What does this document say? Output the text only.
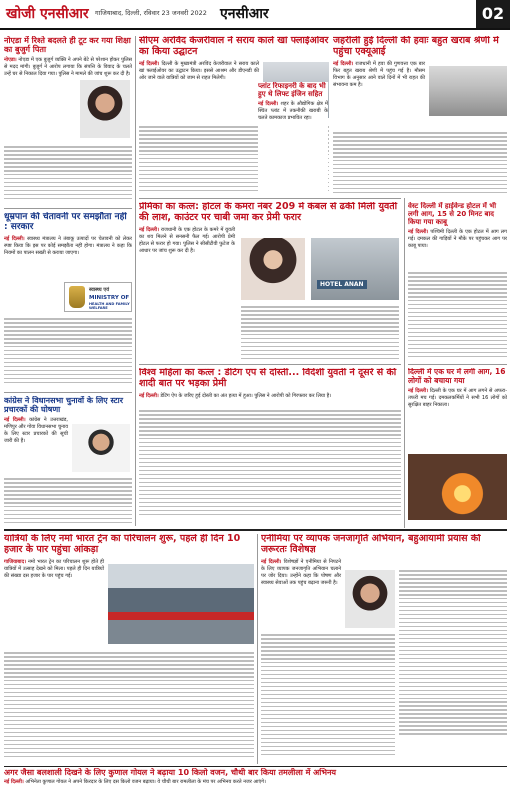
खोजी एनसीआर गाजियाबाद, दिल्ली, रविवार 23 जनवरी 2022 एनसीआर	02
नोएडा में रिश्ते बदलते ही टूट कर गया शिक्षा का बुजुर्ग पिता
नोएडा। नोएडा में एक बुजुर्ग व्यक्ति ने अपने बेटे से परेशान होकर पुलिस से मदद मांगी। बुजुर्ग ने आरोप लगाया कि संपत्ति के विवाद के चलते उन्हें घर से निकाल दिया गया। पुलिस ने मामले की जांच शुरू कर दी है।
धूम्रपान की चेतावनी पर समझौता नहीं : सरकार
नई दिल्ली। स्वास्थ्य मंत्रालय ने तंबाकू उत्पादों पर चेतावनी को लेकर स्पष्ट किया कि इस पर कोई समझौता नहीं होगा। मंत्रालय ने कहा कि नियमों का पालन सख्ती से कराया जाएगा।
स्वास्थ्य एवं
MINISTRY OF
HEALTH AND FAMILY WELFARE
कांग्रेस ने विधानसभा चुनावों के लिए स्टार प्रचारकों की घोषणा
नई दिल्ली। कांग्रेस ने उत्तराखंड, मणिपुर और गोवा विधानसभा चुनाव के लिए स्टार प्रचारकों की सूची जारी की है।
सीएम अरविंद केजरीवाल ने सराय काले खां फ्लाईओवर का किया उद्घाटन
नई दिल्ली। दिल्ली के मुख्यमंत्री अरविंद केजरीवाल ने सराय काले खां फ्लाईओवर का उद्घाटन किया। इससे आश्रम और डीएनडी की ओर जाने वाले यात्रियों को जाम से राहत मिलेगी।
जहरीली हुई दिल्ली की हवाः बहुत खराब श्रेणी में पहुंचा एक्यूआई
नई दिल्ली। राजधानी में हवा की गुणवत्ता एक बार फिर बहुत खराब श्रेणी में पहुंच गई है। मौसम विभाग के अनुसार आने वाले दिनों में भी राहत की संभावना कम है।
प्लांट रिफाइनरी के बाद भी हुए थे लिफ्ट इंजिन सहित
नई दिल्ली। शहर के औद्योगिक क्षेत्र में स्थित प्लांट में तकनीकी खराबी के चलते कामकाज प्रभावित रहा।
प्रेमिका का कत्ल: होटल के कमरा नंबर 209 में कंबल से ढकी मिली युवती की लाश, काउंटर पर चाबी जमा कर प्रेमी फरार
नई दिल्ली। राजधानी के एक होटल के कमरे में युवती का शव मिलने से सनसनी फैल गई। आरोपी प्रेमी होटल से फरार हो गया। पुलिस ने सीसीटीवी फुटेज के आधार पर जांच शुरू कर दी है।
HOTEL ANAN
विश्व महिला का कत्ल : डेटिंग एप से दोस्ती... विदेशी युवती ने दूसरे से की शादी बात पर भड़का प्रेमी
नई दिल्ली। डेटिंग ऐप के जरिए हुई दोस्ती का अंत हत्या में हुआ। पुलिस ने आरोपी को गिरफ्तार कर लिया है।
वेस्ट दिल्ली में हाईवेन्ड होटल में भी लगी आग, 15 से 20 मिनट बाद किया गया काबू
नई दिल्ली। पश्चिमी दिल्ली के एक होटल में आग लग गई। दमकल की गाड़ियों ने मौके पर पहुंचकर आग पर काबू पाया।
दिल्ली में एक घर में लगी आग, 16 लोगों को बचाया गया
नई दिल्ली। दिल्ली के एक घर में आग लगने से अफरा-तफरी मच गई। दमकलकर्मियों ने सभी 16 लोगों को सुरक्षित बाहर निकाला।
यात्रियों के लिए नमो भारत ट्रेन का परिचालन शुरू, पहले ही दिन 10 हजार के पार पहुंचा आंकड़ा
गाजियाबाद। नमो भारत ट्रेन का परिचालन शुरू होते ही यात्रियों में उत्साह देखने को मिला। पहले ही दिन यात्रियों की संख्या दस हजार के पार पहुंच गई।
एनीमिया पर व्यापक जनजागृति अभियान, बहुआयामी प्रयास की जरूरतः विशेषज्ञ
नई दिल्ली। विशेषज्ञों ने एनीमिया से निपटने के लिए व्यापक जनजागृति अभियान चलाने पर जोर दिया। उन्होंने कहा कि पोषण और स्वास्थ्य सेवाओं तक पहुंच बढ़ाना जरूरी है।
अगर जैसा बलशाली दिखने के लिए कुणाल गोयल ने बढ़ाया 10 किलो वजन, चौथी बार किया तमलीला में अभिनय
नई दिल्ली। अभिनेता कुणाल गोयल ने अपने किरदार के लिए दस किलो वजन बढ़ाया। वे चौथी बार रामलीला के मंच पर अभिनय करते नजर आएंगे।
